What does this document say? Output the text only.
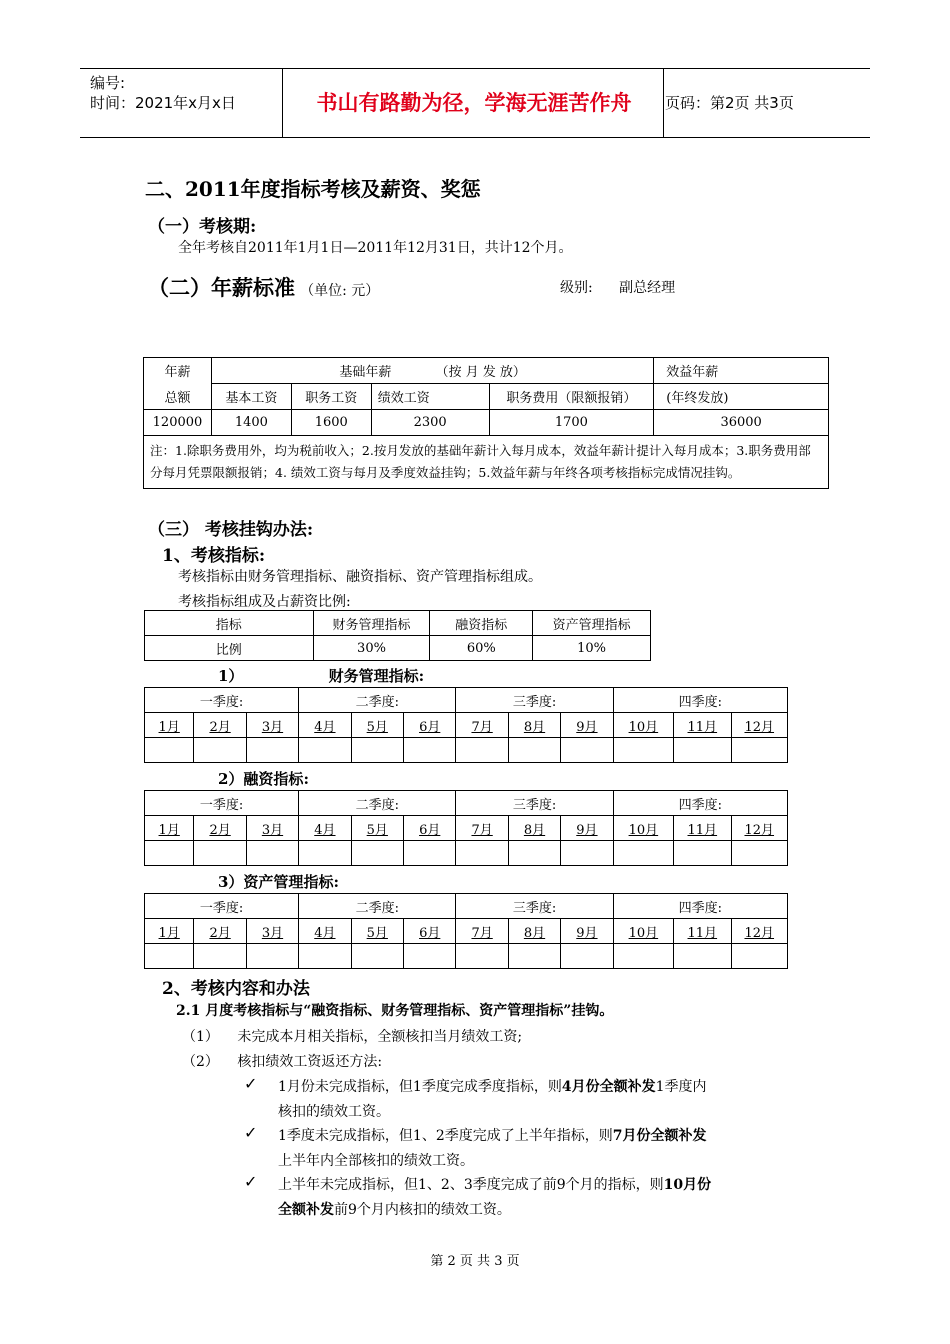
编号:
时间：2021年x月x日	书山有路勤为径，学海无涯苦作舟	页码：第2页 共3页
二、2011年度指标考核及薪资、奖惩
（一）考核期:
全年考核自2011年1月1日—2011年12月31日，共计12个月。
（二）年薪标准 （单位: 元）	级别: 副总经理
年薪	基础年薪 （按 月 发 放）				效益年薪
总额	基本工资	职务工资	绩效工资	职务费用（限额报销）	(年终发放)
120000	1400	1600	2300	1700	36000
注：1.除职务费用外，均为税前收入；2.按月发放的基础年薪计入每月成本，效益年薪计提计入每月成本；3.职务费用部分每月凭票限额报销；4. 绩效工资与每月及季度效益挂钩；5.效益年薪与年终各项考核指标完成情况挂钩。					
（三） 考核挂钩办法:
1、考核指标:
考核指标由财务管理指标、融资指标、资产管理指标组成。
考核指标组成及占薪资比例:
指标	财务管理指标	融资指标	资产管理指标
比例	30%	60%	10%
1）	财务管理指标:
一季度:			二季度:			三季度:			四季度:		
1月	2月	3月	4月	5月	6月	7月	8月	9月	10月	11月	12月

2）融资指标:
一季度:			二季度:			三季度:			四季度:		
1月	2月	3月	4月	5月	6月	7月	8月	9月	10月	11月	12月

3）资产管理指标:
一季度:			二季度:			三季度:			四季度:		
1月	2月	3月	4月	5月	6月	7月	8月	9月	10月	11月	12月

2、考核内容和办法
2.1 月度考核指标与“融资指标、财务管理指标、资产管理指标”挂钩。
（1） 未完成本月相关指标，全额核扣当月绩效工资;
（2） 核扣绩效工资返还方法:
✓ 1月份未完成指标，但1季度完成季度指标，则4月份全额补发1季度内
核扣的绩效工资。
✓ 1季度未完成指标，但1、2季度完成了上半年指标，则7月份全额补发
上半年内全部核扣的绩效工资。
✓ 上半年未完成指标，但1、2、3季度完成了前9个月的指标，则10月份
全额补发前9个月内核扣的绩效工资。
第 2 页 共 3 页
